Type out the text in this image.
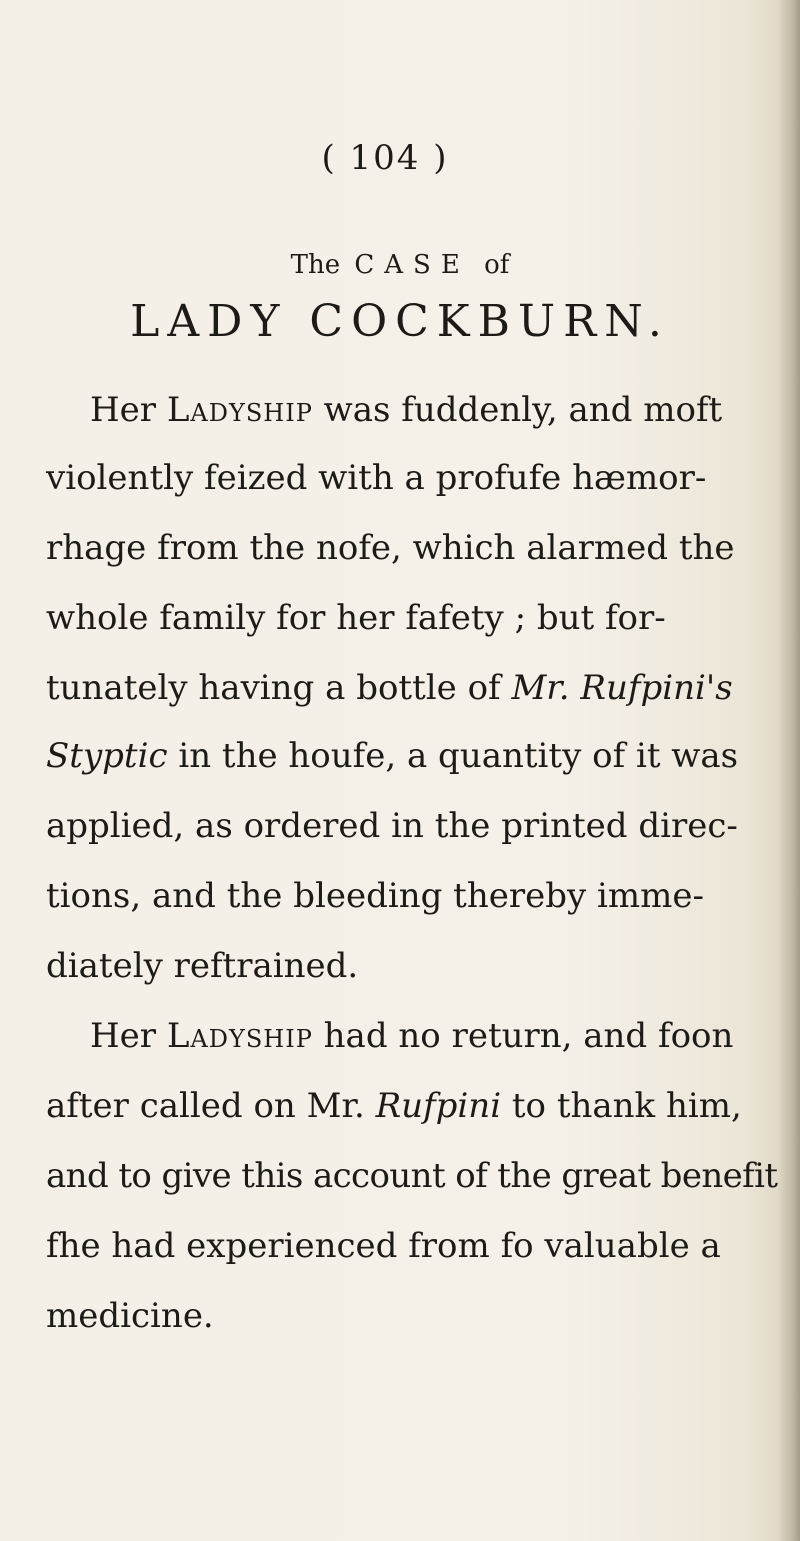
( 104 )
The CASE of
LADY COCKBURN.
Her Ladyship was fuddenly, and moft
violently feized with a profufe hæmor-
rhage from the nofe, which alarmed the
whole family for her fafety ; but for-
tunately having a bottle of Mr. Rufpini's
Styptic in the houfe, a quantity of it was
applied, as ordered in the printed direc-
tions, and the bleeding thereby imme-
diately reftrained.
Her Ladyship had no return, and foon
after called on Mr. Rufpini to thank him,
and to give this account of the great benefit
fhe had experienced from fo valuable a
medicine.
